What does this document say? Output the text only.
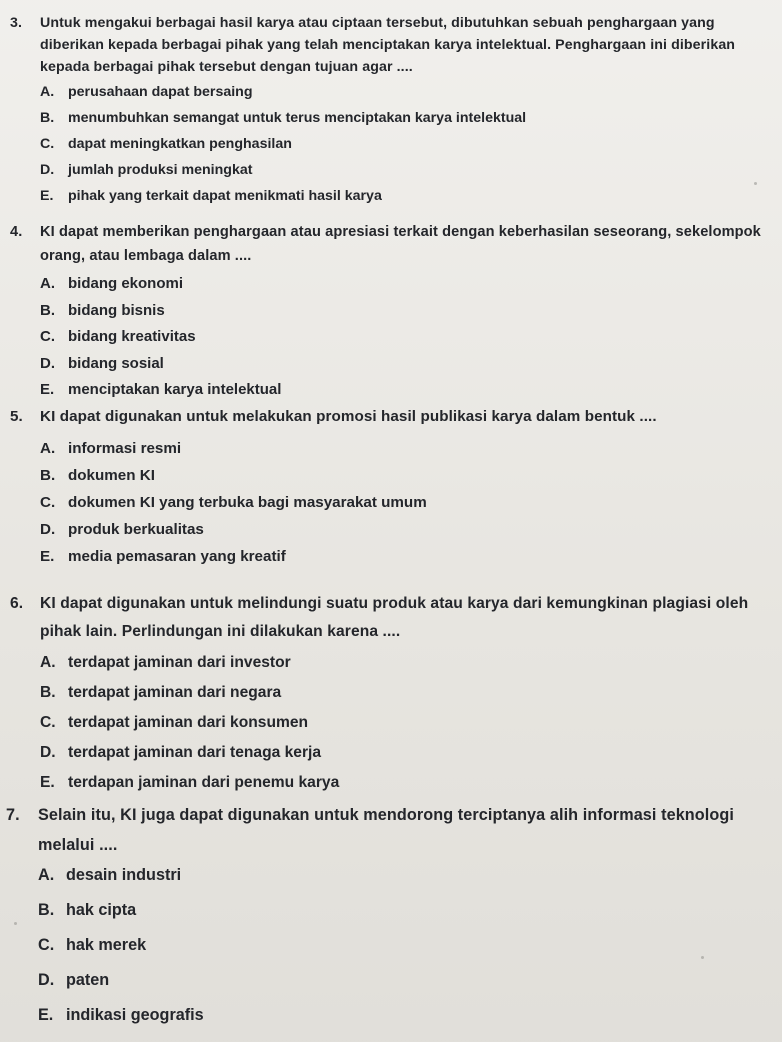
3.	Untuk mengakui berbagai hasil karya atau ciptaan tersebut, dibutuhkan sebuah penghargaan yang diberikan kepada berbagai pihak yang telah menciptakan karya intelektual. Penghargaan ini diberikan kepada berbagai pihak tersebut dengan tujuan agar ....
A. perusahaan dapat bersaing
B. menumbuhkan semangat untuk terus menciptakan karya intelektual
C. dapat meningkatkan penghasilan
D. jumlah produksi meningkat
E.	pihak yang terkait dapat menikmati hasil karya
4.	KI dapat memberikan penghargaan atau apresiasi terkait dengan keberhasilan seseorang, sekelompok orang, atau lembaga dalam ....
A. bidang ekonomi
B. bidang bisnis
C. bidang kreativitas
D. bidang sosial
E. menciptakan karya intelektual
5.	KI dapat digunakan untuk melakukan promosi hasil publikasi karya dalam bentuk ....
A. informasi resmi
B. dokumen KI
C. dokumen KI yang terbuka bagi masyarakat umum
D. produk berkualitas
E. media pemasaran yang kreatif
6.	KI dapat digunakan untuk melindungi suatu produk atau karya dari kemungkinan plagiasi oleh pihak lain. Perlindungan ini dilakukan karena ....
A. terdapat jaminan dari investor
B. terdapat jaminan dari negara
C. terdapat jaminan dari konsumen
D. terdapat jaminan dari tenaga kerja
E. terdapan jaminan dari penemu karya
7.	Selain itu, KI juga dapat digunakan untuk mendorong terciptanya alih informasi teknologi melalui ....
A. desain industri
B. hak cipta
C. hak merek
D. paten
E. indikasi geografis
